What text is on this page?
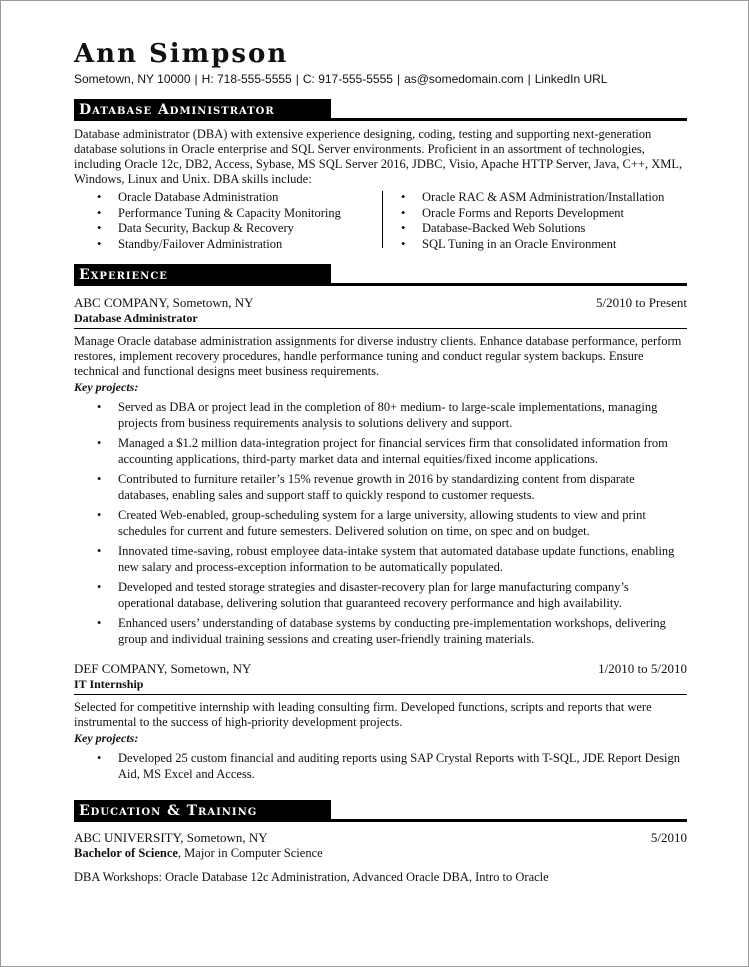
Ann Simpson
Sometown, NY 10000 | H: 718-555-5555 | C: 917-555-5555 | as@somedomain.com | LinkedIn URL
Database Administrator
Database administrator (DBA) with extensive experience designing, coding, testing and supporting next-generation database solutions in Oracle enterprise and SQL Server environments. Proficient in an assortment of technologies, including Oracle 12c, DB2, Access, Sybase, MS SQL Server 2016, JDBC, Visio, Apache HTTP Server, Java, C++, XML, Windows, Linux and Unix. DBA skills include:
• Oracle Database Administration
• Performance Tuning & Capacity Monitoring
• Data Security, Backup & Recovery
• Standby/Failover Administration
• Oracle RAC & ASM Administration/Installation
• Oracle Forms and Reports Development
• Database-Backed Web Solutions
• SQL Tuning in an Oracle Environment
Experience
ABC COMPANY, Sometown, NY	5/2010 to Present
Database Administrator
Manage Oracle database administration assignments for diverse industry clients. Enhance database performance, perform restores, implement recovery procedures, handle performance tuning and conduct regular system backups. Ensure technical and functional designs meet business requirements.
Key projects:
• Served as DBA or project lead in the completion of 80+ medium- to large-scale implementations, managing projects from business requirements analysis to solutions delivery and support.
• Managed a $1.2 million data-integration project for financial services firm that consolidated information from accounting applications, third-party market data and internal equities/fixed income applications.
• Contributed to furniture retailer’s 15% revenue growth in 2016 by standardizing content from disparate databases, enabling sales and support staff to quickly respond to customer requests.
• Created Web-enabled, group-scheduling system for a large university, allowing students to view and print schedules for current and future semesters. Delivered solution on time, on spec and on budget.
• Innovated time-saving, robust employee data-intake system that automated database update functions, enabling new salary and process-exception information to be automatically populated.
• Developed and tested storage strategies and disaster-recovery plan for large manufacturing company’s operational database, delivering solution that guaranteed recovery performance and high availability.
• Enhanced users’ understanding of database systems by conducting pre-implementation workshops, delivering group and individual training sessions and creating user-friendly training materials.
DEF COMPANY, Sometown, NY	1/2010 to 5/2010
IT Internship
Selected for competitive internship with leading consulting firm. Developed functions, scripts and reports that were instrumental to the success of high-priority development projects.
Key projects:
• Developed 25 custom financial and auditing reports using SAP Crystal Reports with T-SQL, JDE Report Design Aid, MS Excel and Access.
Education & Training
ABC UNIVERSITY, Sometown, NY	5/2010
Bachelor of Science, Major in Computer Science
DBA Workshops: Oracle Database 12c Administration, Advanced Oracle DBA, Intro to Oracle
